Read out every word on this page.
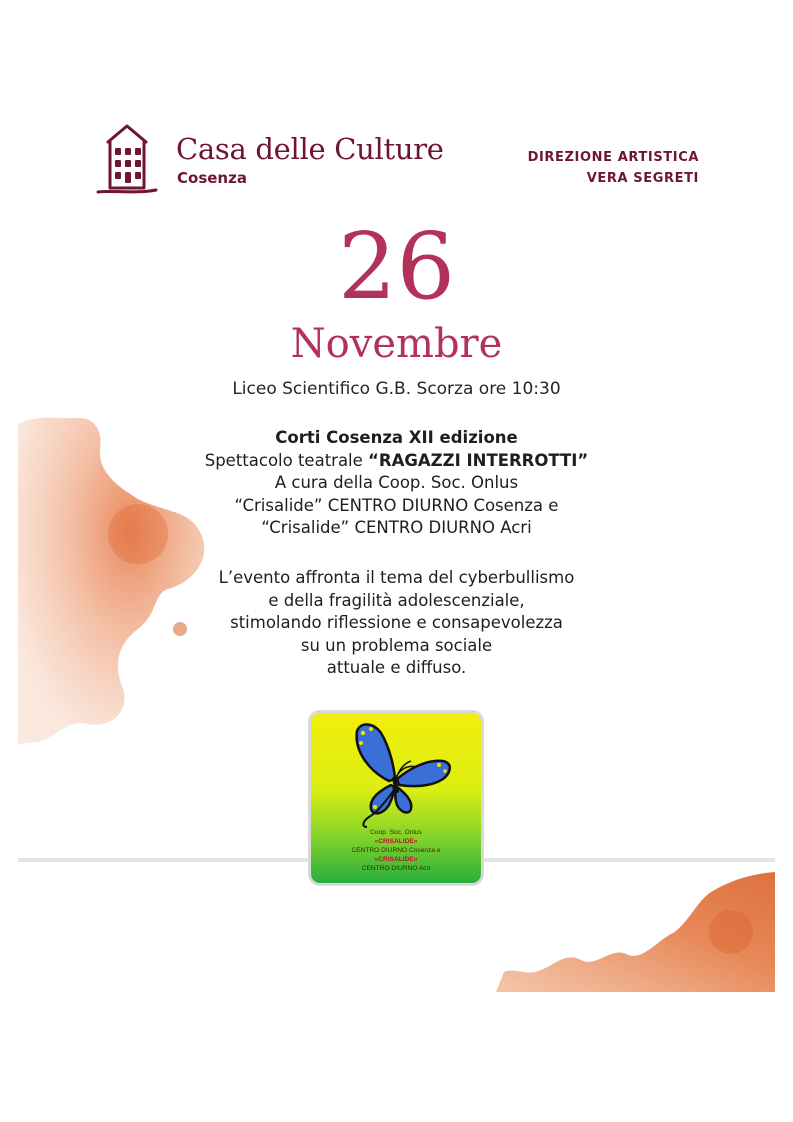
Casa delle Culture
Cosenza
DIREZIONE ARTISTICA
VERA SEGRETI
26
Novembre
Liceo Scientifico G.B. Scorza ore 10:30
Corti Cosenza XII edizione
Spettacolo teatrale “RAGAZZI INTERROTTI”
A cura della Coop. Soc. Onlus
“Crisalide” CENTRO DIURNO Cosenza e
“Crisalide” CENTRO DIURNO Acri
L’evento affronta il tema del cyberbullismo
e della fragilità adolescenziale,
stimolando riflessione e consapevolezza
su un problema sociale
attuale e diffuso.
Coop. Soc. Onlus
«CRISALIDE»
CENTRO DIURNO Cosenza e
«CRISALIDE»
CENTRO DIURNO Acri
